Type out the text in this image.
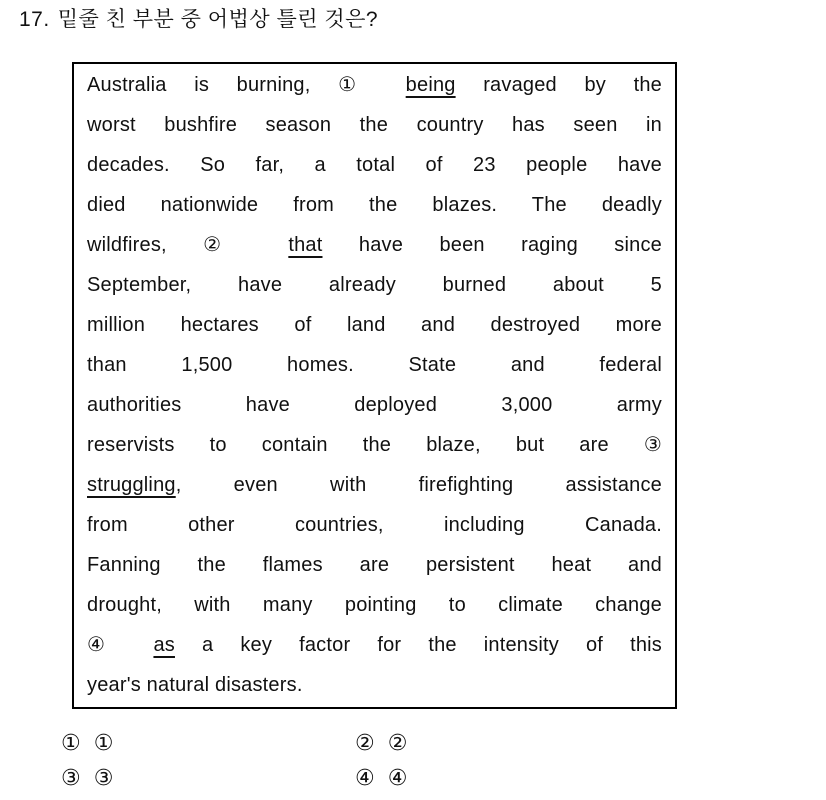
17. 밑줄 친 부분 중 어법상 틀린 것은?
Australia is burning, ① being ravaged by the
worst bushfire season the country has seen in
decades. So far, a total of 23 people have
died nationwide from the blazes. The deadly
wildfires, ② that have been raging since
September, have already burned about 5
million hectares of land and destroyed more
than 1,500 homes. State and federal
authorities have deployed 3,000 army
reservists to contain the blaze, but are ③
struggling, even with firefighting assistance
from other countries, including Canada.
Fanning the flames are persistent heat and
drought, with many pointing to climate change
④ as a key factor for the intensity of this
year's natural disasters.
① ①	② ②
③ ③	④ ④
